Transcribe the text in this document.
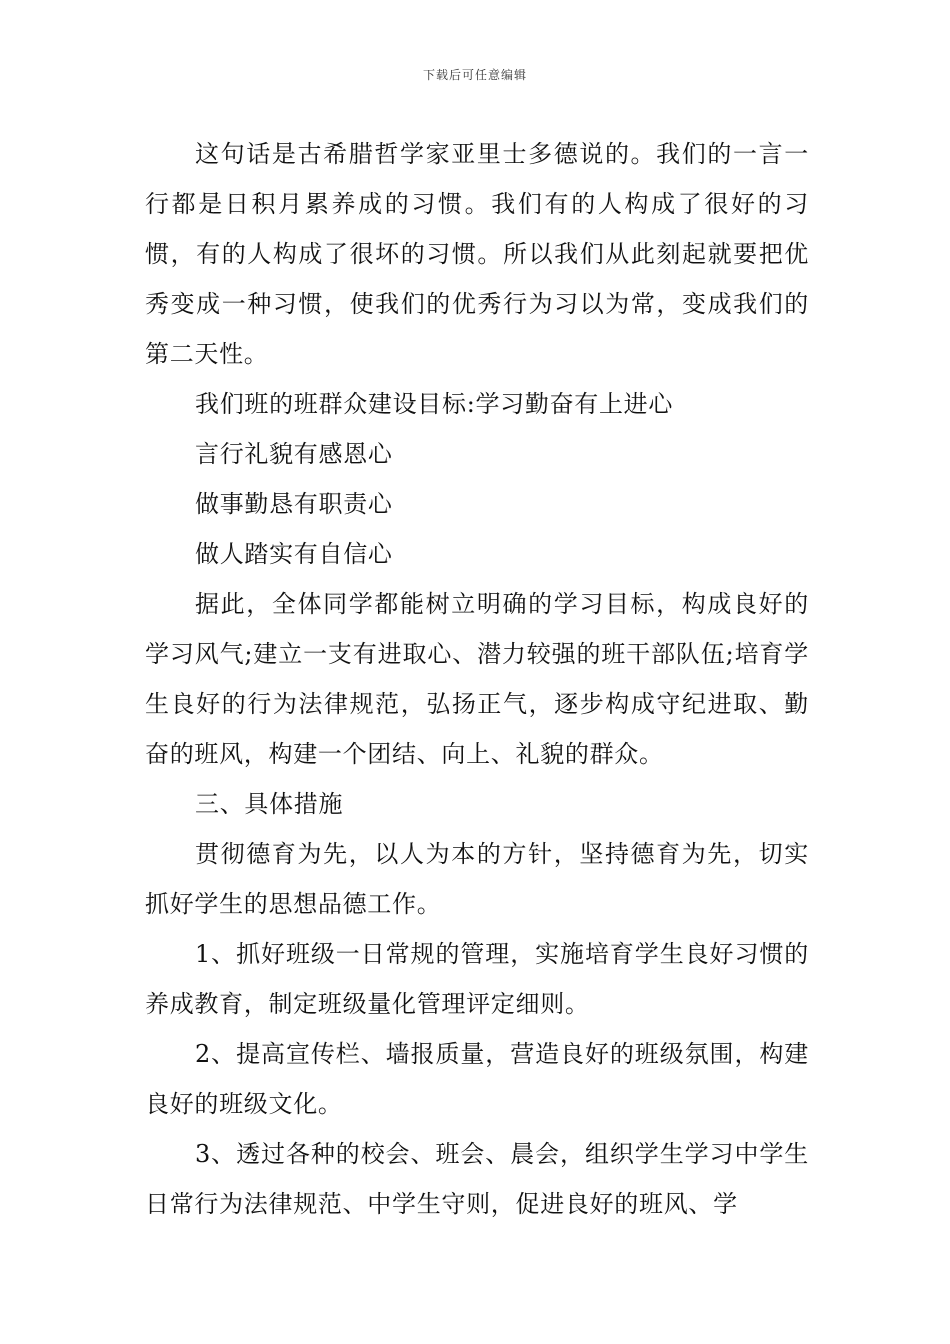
下载后可任意编辑

这句话是古希腊哲学家亚里士多德说的。我们的一言一行都是日积月累养成的习惯。我们有的人构成了很好的习惯，有的人构成了很坏的习惯。所以我们从此刻起就要把优秀变成一种习惯，使我们的优秀行为习以为常，变成我们的第二天性。

我们班的班群众建设目标:学习勤奋有上进心

言行礼貌有感恩心

做事勤恳有职责心

做人踏实有自信心

据此，全体同学都能树立明确的学习目标，构成良好的学习风气;建立一支有进取心、潜力较强的班干部队伍;培育学生良好的行为法律规范，弘扬正气，逐步构成守纪进取、勤奋的班风，构建一个团结、向上、礼貌的群众。

三、具体措施

贯彻德育为先，以人为本的方针，坚持德育为先，切实抓好学生的思想品德工作。

1、抓好班级一日常规的管理，实施培育学生良好习惯的养成教育，制定班级量化管理评定细则。

2、提高宣传栏、墙报质量，营造良好的班级氛围，构建良好的班级文化。

3、透过各种的校会、班会、晨会，组织学生学习中学生日常行为法律规范、中学生守则，促进良好的班风、学
